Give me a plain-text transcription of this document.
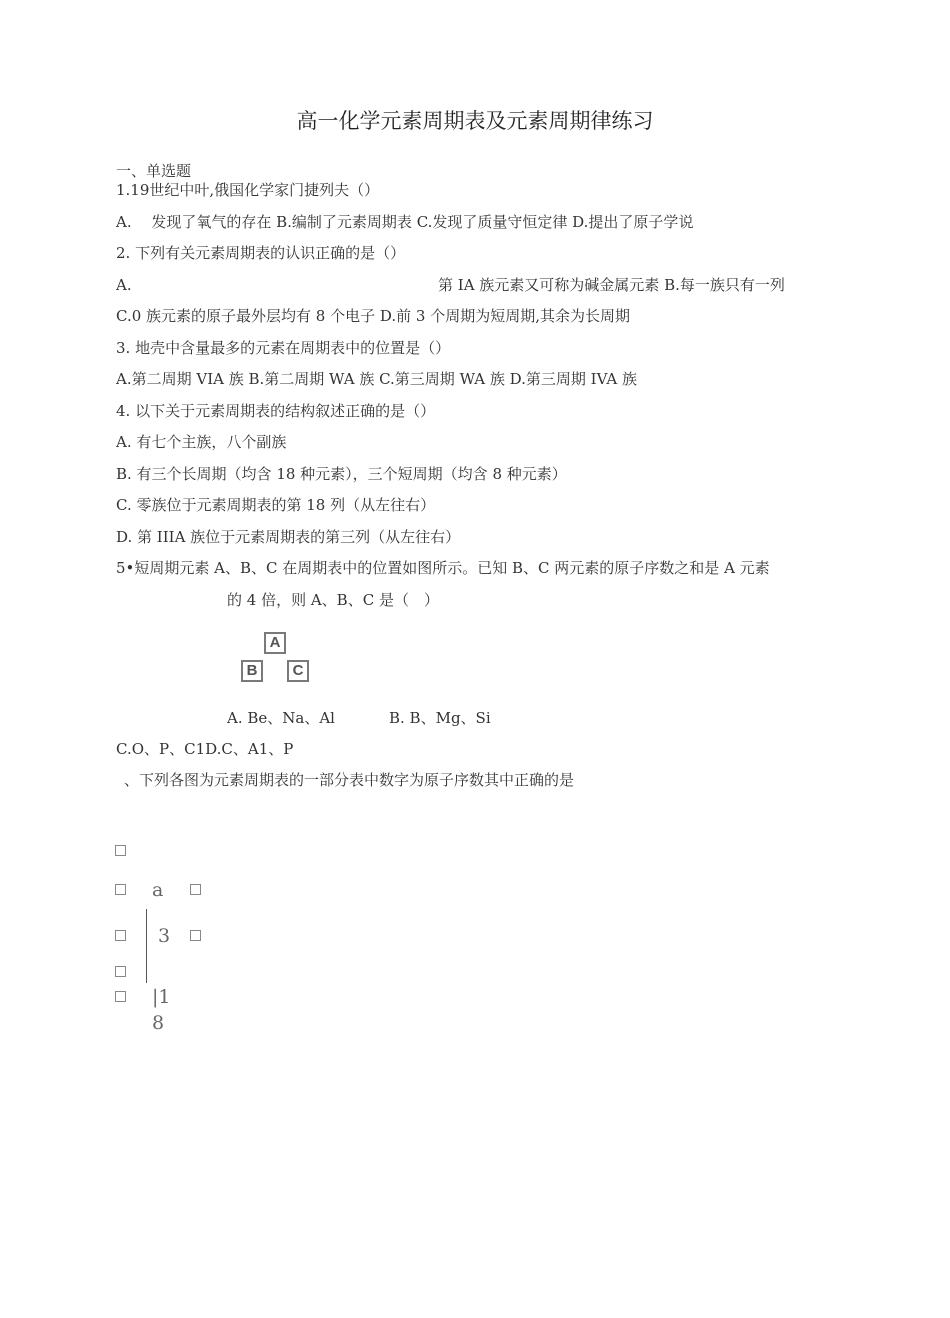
高一化学元素周期表及元素周期律练习
一、单选题
1.19世纪中叶,俄国化学家门捷列夫（）
A.　 发现了氧气的存在 B.编制了元素周期表 C.发现了质量守恒定律 D.提出了原子学说
2. 下列有关元素周期表的认识正确的是（）
A.	第 IA 族元素又可称为碱金属元素 B.每一族只有一列
C.0 族元素的原子最外层均有 8 个电子 D.前 3 个周期为短周期,其余为长周期
3. 地壳中含量最多的元素在周期表中的位置是（）
A.第二周期 VIA 族 B.第二周期 WA 族 C.第三周期 WA 族 D.第三周期 IVA 族
4. 以下关于元素周期表的结构叙述正确的是（）
A. 有七个主族，八个副族
B. 有三个长周期（均含 18 种元素），三个短周期（均含 8 种元素）
C. 零族位于元素周期表的第 18 列（从左往右）
D. 第 IIIA 族位于元素周期表的第三列（从左往右）
5•短周期元素 A、B、C 在周期表中的位置如图所示。已知 B、C 两元素的原子序数之和是 A 元素
的 4 倍，则 A、B、C 是（　）
A
B	C
A. Be、Na、Al	B. B、Mg、Si
C.O、P、C1D.C、A1、P
、下列各图为元素周期表的一部分表中数字为原子序数其中正确的是
a
3
|1
8
